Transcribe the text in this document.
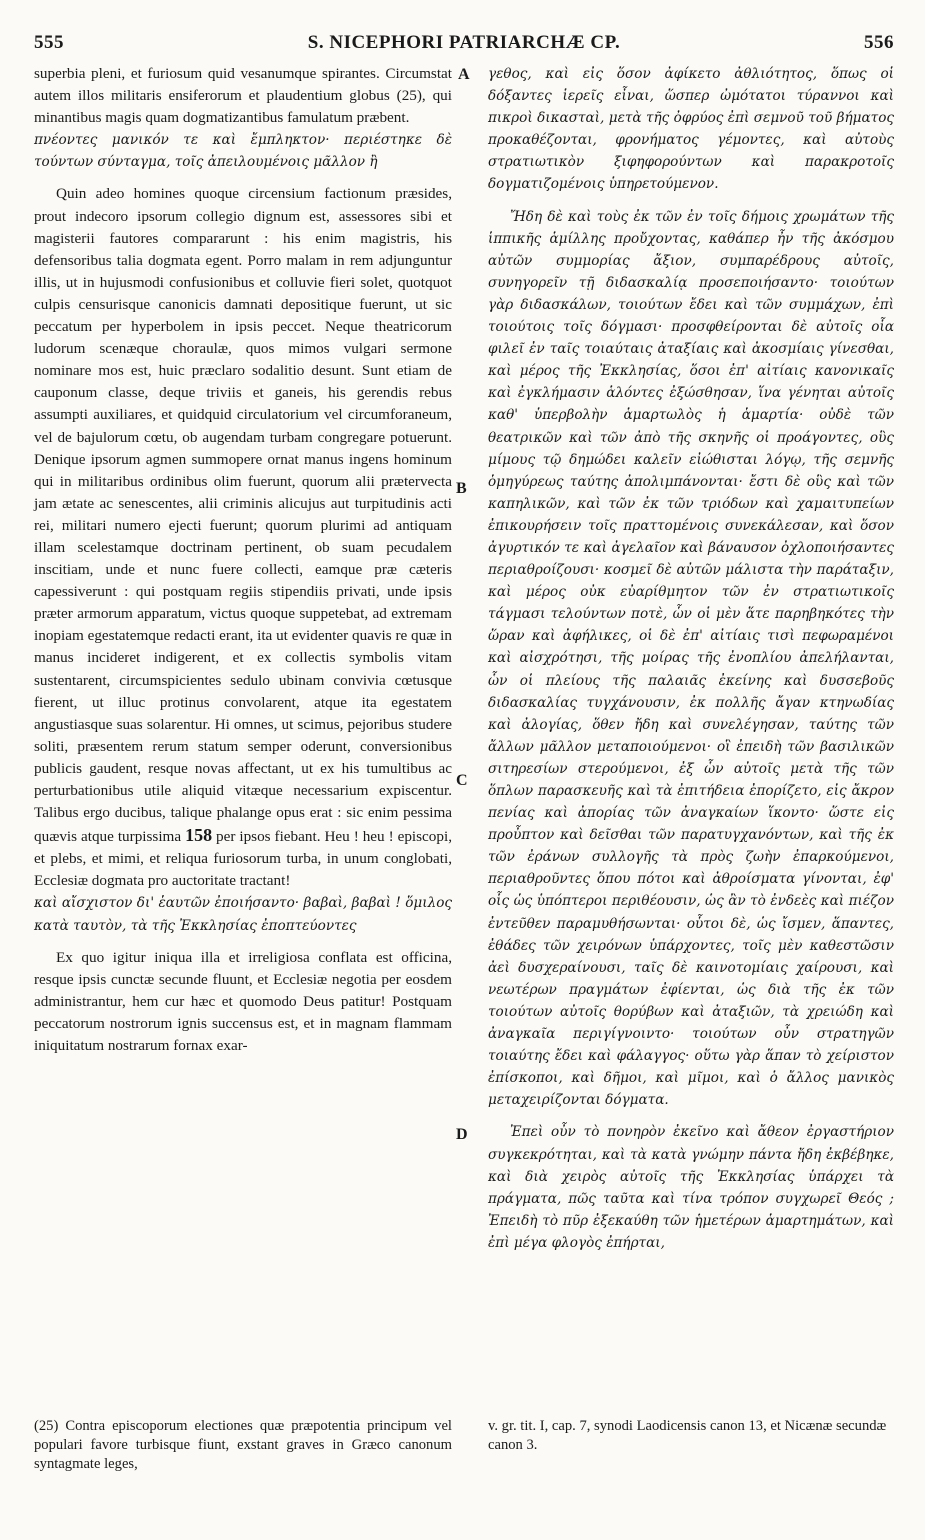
555	S. NICEPHORI PATRIARCHÆ CP.	556

superbia pleni, et furiosum quid vesanumque spirantes. Circumstat autem illos militaris ensiferorum et plaudentium globus (25), qui minantibus magis quam dogmatizantibus famulatum præbent.

πνέοντες μανικόν τε καὶ ἔμπληκτον· περιέστηκε δὲ τούντων σύνταγμα, τοῖς ἀπειλουμένοις μᾶλλον ἢ

Quin adeo homines quoque circensium factionum præsides, prout indecoro ipsorum collegio dignum est, assessores sibi et magisterii fautores compararunt : his enim magistris, his defensoribus talia dogmata egent. Porro malam in rem adjunguntur illis, ut in hujusmodi confusionibus et colluvie fieri solet, quotquot culpis censurisque canonicis damnati depositique fuerunt, ut sic peccatum per hyperbolem in ipsis peccet. Neque theatricorum ludorum scenæque choraulæ, quos mimos vulgari sermone nominare mos est, huic præclaro sodalitio desunt. Sunt etiam de cauponum classe, deque triviis et ganeis, his gerendis rebus assumpti auxiliares, et quidquid circulatorium vel circumforaneum, vel de bajulorum cœtu, ob augendam turbam congregare potuerunt. Denique ipsorum agmen summopere ornat manus ingens hominum qui in militaribus ordinibus olim fuerunt, quorum alii prætervecta jam ætate ac senescentes, alii criminis alicujus aut turpitudinis acti rei, militari numero ejecti fuerunt; quorum plurimi ad antiquam illam scelestamque doctrinam pertinent, ob suam pecudalem inscitiam, unde et nunc fuere collecti, eamque præ cæteris capessiverunt : qui postquam regiis stipendiis privati, unde ipsis præter armorum apparatum, victus quoque suppetebat, ad extremam inopiam egestatemque redacti erant, ita ut evidenter quavis re quæ in manus incideret indigerent, et ex collectis symbolis vitam sustentarent, circumspicientes sedulo ubinam convivia cœtusque fierent, ut illuc protinus convolarent, atque ita egestatem angustiasque suas solarentur. Hi omnes, ut scimus, pejoribus studere soliti, præsentem rerum statum semper oderunt, conversionibus publicis gaudent, resque novas affectant, ut ex his tumultibus ac perturbationibus utile aliquid vitæque necessarium expiscentur. Talibus ergo ducibus, talique phalange opus erat : sic enim pessima quævis atque turpissima 158 per ipsos fiebant. Heu ! heu ! episcopi, et plebs, et mimi, et reliqua furiosorum turba, in unum conglobati, Ecclesiæ dogmata pro auctoritate tractant!

καὶ αἴσχιστον δι' ἑαυτῶν ἐποιήσαντο· βαβαὶ, βαβαὶ ! ὅμιλος κατὰ ταυτὸν, τὰ τῆς Ἐκκλησίας ἐποπτεύοντες

Ex quo igitur iniqua illa et irreligiosa conflata est officina, resque ipsis cunctæ secunde fluunt, et Ecclesiæ negotia per eosdem administrantur, hem cur hæc et quomodo Deus patitur! Postquam peccatorum nostrorum ignis succensus est, et in magnam flammam iniquitatum nostrarum fornax exar-

A
B
C
D

γεθος, καὶ εἰς ὅσον ἀφίκετο ἀθλιότητος, ὅπως οἱ δόξαντες ἱερεῖς εἶναι, ὥσπερ ὠμότατοι τύραννοι καὶ πικροὶ δικασταὶ, μετὰ τῆς ὀφρύος ἐπὶ σεμνοῦ τοῦ βήματος προκαθέζονται, φρονήματος γέμοντες, καὶ αὐτοὺς στρατιωτικὸν ξιφηφορούντων καὶ παρακροτοῖς δογματιζομένοις ὑπηρετούμενον.

Ἤδη δὲ καὶ τοὺς ἐκ τῶν ἐν τοῖς δήμοις χρωμάτων τῆς ἱππικῆς ἁμίλλης προὔχοντας, καθάπερ ἦν τῆς ἀκόσμου αὐτῶν συμμορίας ἄξιον, συμπαρέδρους αὐτοῖς, συνηγορεῖν τῇ διδασκαλίᾳ προσεποιήσαντο· τοιούτων γὰρ διδασκάλων, τοιούτων ἔδει καὶ τῶν συμμάχων, ἐπὶ τοιούτοις τοῖς δόγμασι· προσφθείρονται δὲ αὐτοῖς οἷα φιλεῖ ἐν ταῖς τοιαύταις ἀταξίαις καὶ ἀκοσμίαις γίνεσθαι, καὶ μέρος τῆς Ἐκκλησίας, ὅσοι ἐπ' αἰτίαις κανονικαῖς καὶ ἐγκλήμασιν ἁλόντες ἐξώσθησαν, ἵνα γένηται αὐτοῖς καθ' ὑπερβολὴν ἁμαρτωλὸς ἡ ἁμαρτία· οὐδὲ τῶν θεατρικῶν καὶ τῶν ἀπὸ τῆς σκηνῆς οἱ προάγοντες, οὓς μίμους τῷ δημώδει καλεῖν εἰώθισται λόγῳ, τῆς σεμνῆς ὁμηγύρεως ταύτης ἀπολιμπάνονται· ἔστι δὲ οὓς καὶ τῶν καπηλικῶν, καὶ τῶν ἐκ τῶν τριόδων καὶ χαμαιτυπείων ἐπικουρήσειν τοῖς πραττομένοις συνεκάλεσαν, καὶ ὅσον ἀγυρτικόν τε καὶ ἀγελαῖον καὶ βάναυσον ὀχλοποιήσαντες περιαθροίζουσι· κοσμεῖ δὲ αὐτῶν μάλιστα τὴν παράταξιν, καὶ μέρος οὐκ εὐαρίθμητον τῶν ἐν στρατιωτικοῖς τάγμασι τελούντων ποτὲ, ὧν οἱ μὲν ἅτε παρηβηκότες τὴν ὥραν καὶ ἀφήλικες, οἱ δὲ ἐπ' αἰτίαις τισὶ πεφωραμένοι καὶ αἰσχρότησι, τῆς μοίρας τῆς ἐνοπλίου ἀπελήλανται, ὧν οἱ πλείους τῆς παλαιᾶς ἐκείνης καὶ δυσσεβοῦς διδασκαλίας τυγχάνουσιν, ἐκ πολλῆς ἄγαν κτηνωδίας καὶ ἀλογίας, ὅθεν ἤδη καὶ συνελέγησαν, ταύτης τῶν ἄλλων μᾶλλον μεταποιούμενοι· οἳ ἐπειδὴ τῶν βασιλικῶν σιτηρεσίων στερούμενοι, ἐξ ὧν αὐτοῖς μετὰ τῆς τῶν ὅπλων παρασκευῆς καὶ τὰ ἐπιτήδεια ἐπορίζετο, εἰς ἄκρον πενίας καὶ ἀπορίας τῶν ἀναγκαίων ἵκοντο· ὥστε εἰς προὖπτον καὶ δεῖσθαι τῶν παρατυγχανόντων, καὶ τῆς ἐκ τῶν ἐράνων συλλογῆς τὰ πρὸς ζωὴν ἐπαρκούμενοι, περιαθροῦντες ὅπου πότοι καὶ ἀθροίσματα γίνονται, ἐφ' οἷς ὡς ὑπόπτεροι περιθέουσιν, ὡς ἂν τὸ ἐνδεὲς καὶ πιέζον ἐντεῦθεν παραμυθήσωνται· οὗτοι δὲ, ὡς ἴσμεν, ἅπαντες, ἐθάδες τῶν χειρόνων ὑπάρχοντες, τοῖς μὲν καθεστῶσιν ἀεὶ δυσχεραίνουσι, ταῖς δὲ καινοτομίαις χαίρουσι, καὶ νεωτέρων πραγμάτων ἐφίενται, ὡς διὰ τῆς ἐκ τῶν τοιούτων αὐτοῖς θορύβων καὶ ἀταξιῶν, τὰ χρειώδη καὶ ἀναγκαῖα περιγίγνοιντο· τοιούτων οὖν στρατηγῶν τοιαύτης ἔδει καὶ φάλαγγος· οὕτω γὰρ ἅπαν τὸ χείριστον ἐπίσκοποι, καὶ δῆμοι, καὶ μῖμοι, καὶ ὁ ἄλλος μανικὸς μεταχειρίζονται δόγματα.

Ἐπεὶ οὖν τὸ πονηρὸν ἐκεῖνο καὶ ἄθεον ἐργαστήριον συγκεκρότηται, καὶ τὰ κατὰ γνώμην πάντα ἤδη ἐκβέβηκε, καὶ διὰ χειρὸς αὐτοῖς τῆς Ἐκκλησίας ὑπάρχει τὰ πράγματα, πῶς ταῦτα καὶ τίνα τρόπον συγχωρεῖ Θεός ; Ἐπειδὴ τὸ πῦρ ἐξεκαύθη τῶν ἡμετέρων ἁμαρτημάτων, καὶ ἐπὶ μέγα φλογὸς ἐπήρται,

(25) Contra episcoporum electiones quæ præpotentia principum vel populari favore turbisque fiunt, exstant graves in Græco canonum syntagmate leges,

v. gr. tit. I, cap. 7, synodi Laodicensis canon 13, et Nicænæ secundæ canon 3.
